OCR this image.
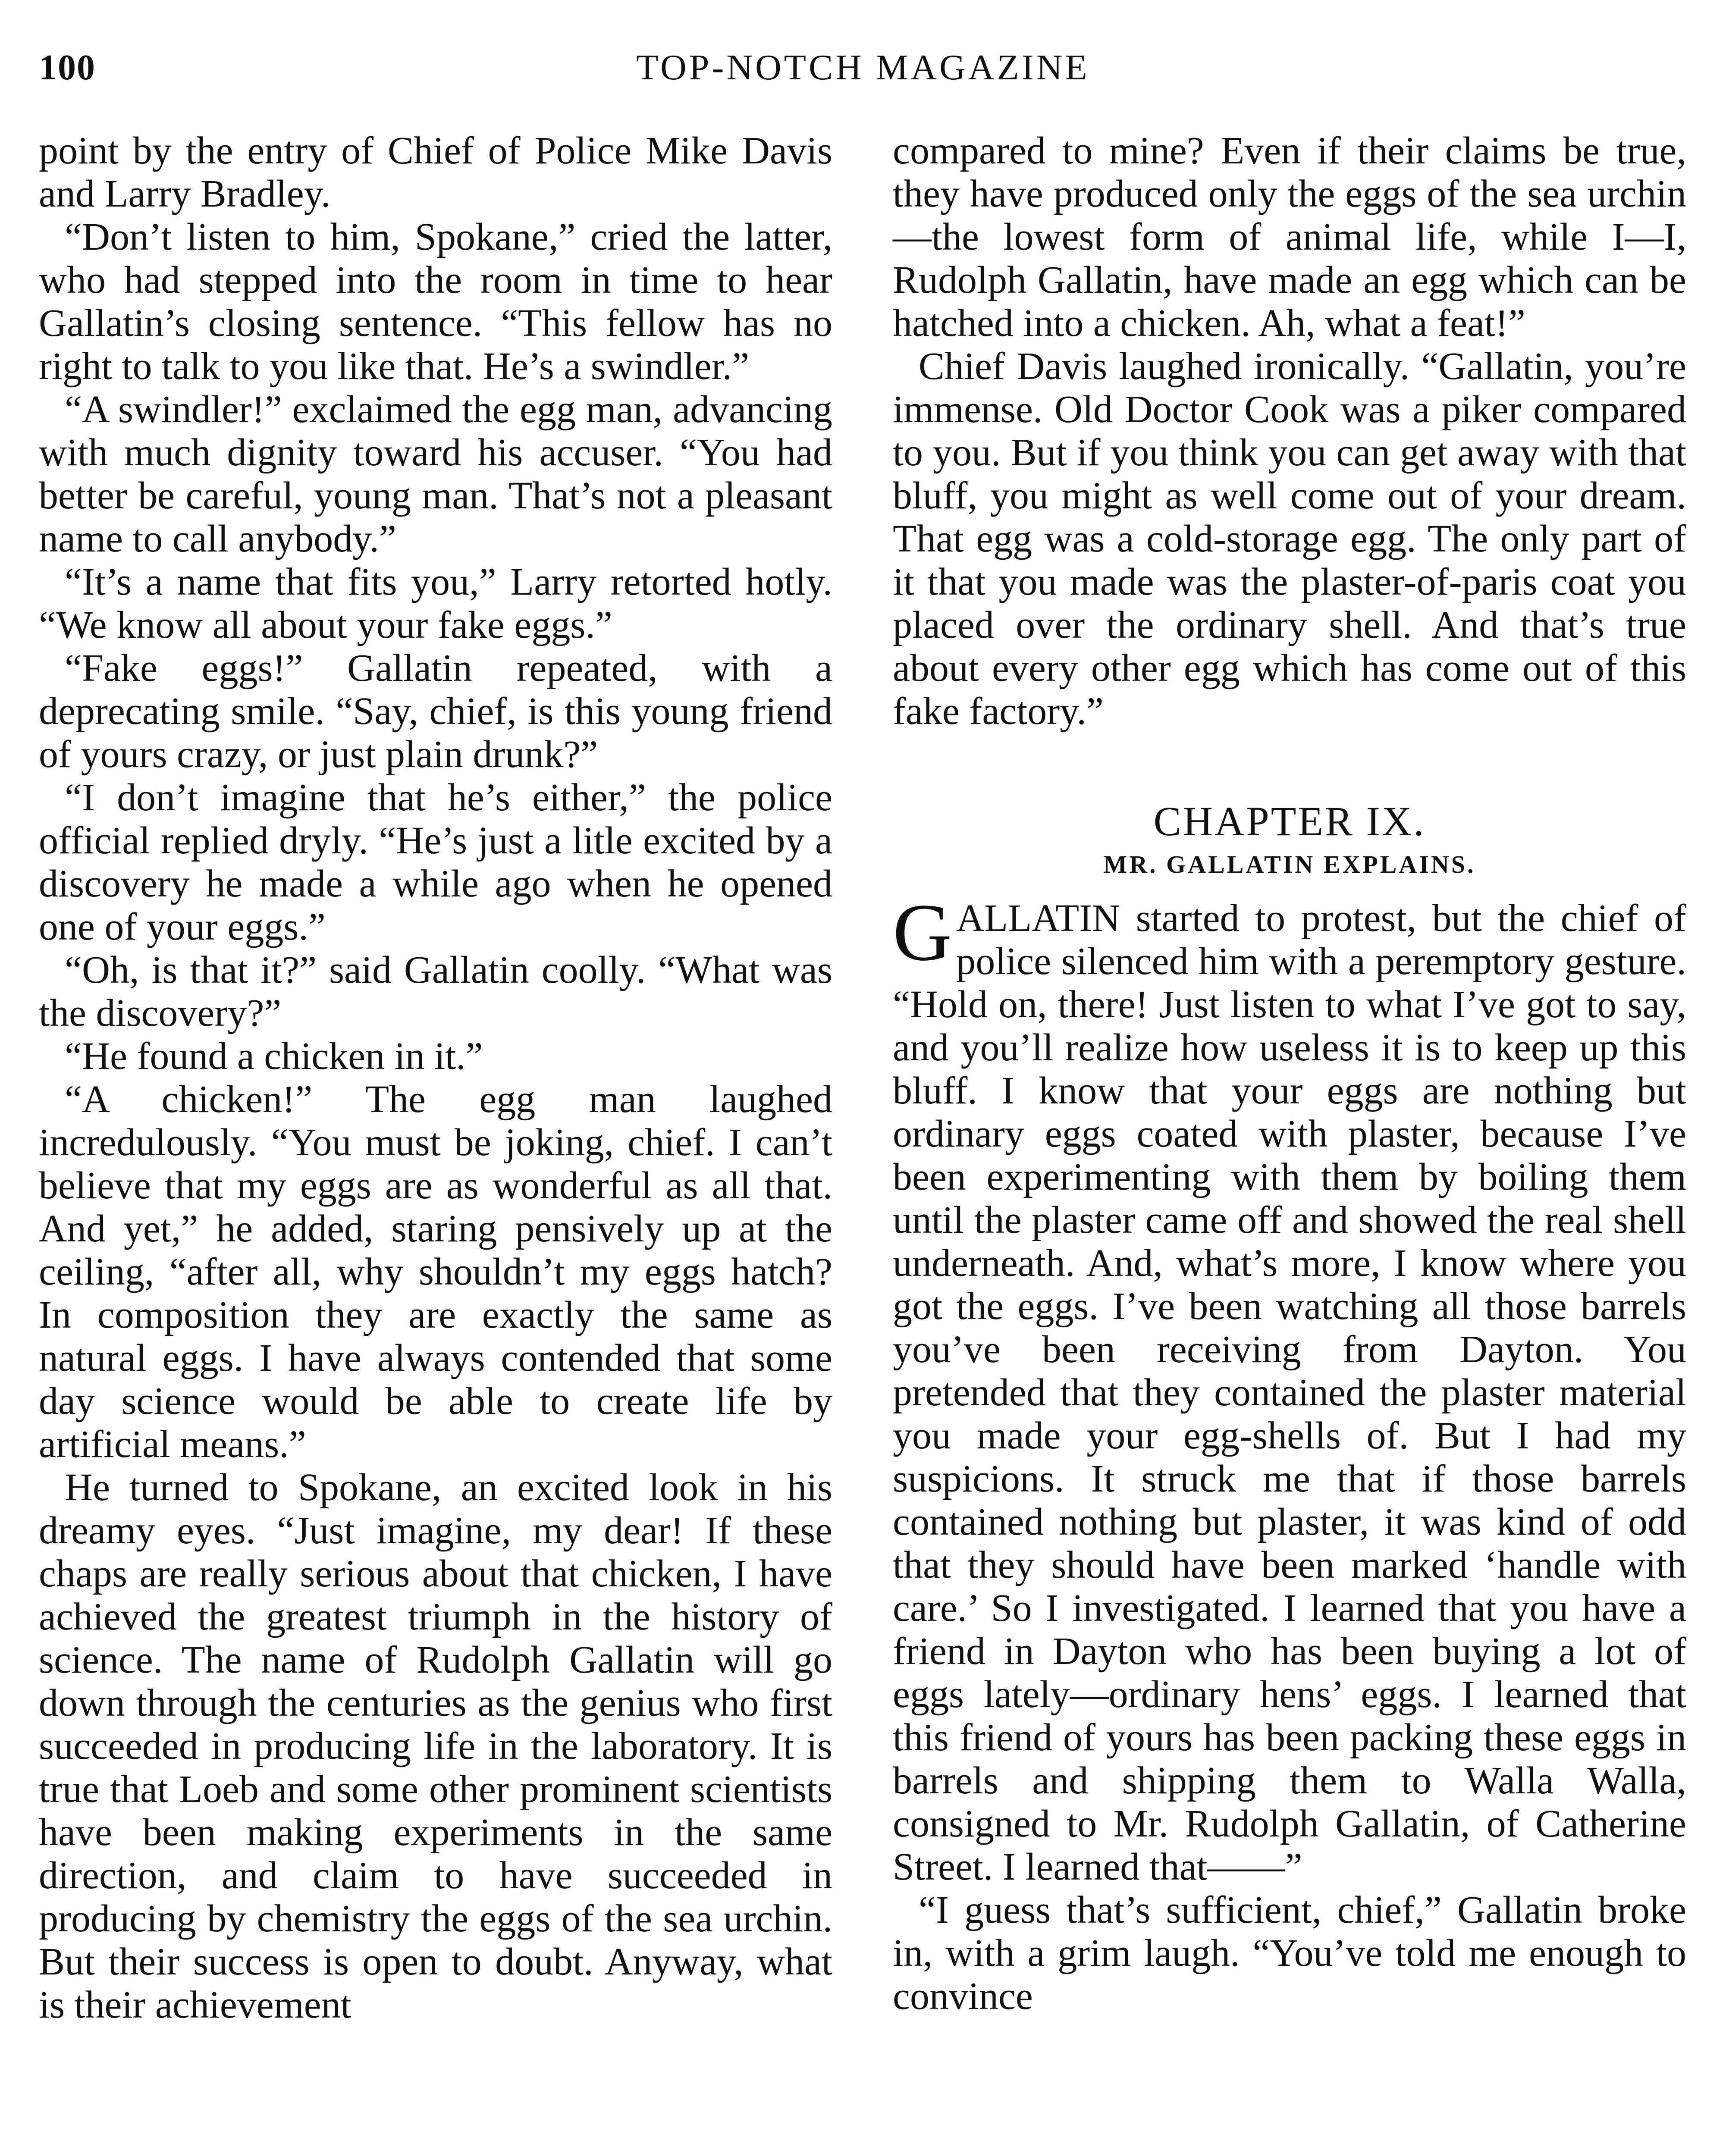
100	TOP-NOTCH MAGAZINE

point by the entry of Chief of Police Mike Davis and Larry Bradley.

“Don’t listen to him, Spokane,” cried the latter, who had stepped into the room in time to hear Gallatin’s closing sentence. “This fellow has no right to talk to you like that. He’s a swindler.”

“A swindler!” exclaimed the egg man, advancing with much dignity toward his accuser. “You had better be careful, young man. That’s not a pleasant name to call anybody.”

“It’s a name that fits you,” Larry retorted hotly. “We know all about your fake eggs.”

“Fake eggs!” Gallatin repeated, with a deprecating smile. “Say, chief, is this young friend of yours crazy, or just plain drunk?”

“I don’t imagine that he’s either,” the police official replied dryly. “He’s just a litle excited by a discovery he made a while ago when he opened one of your eggs.”

“Oh, is that it?” said Gallatin coolly. “What was the discovery?”

“He found a chicken in it.”

“A chicken!” The egg man laughed incredulously. “You must be joking, chief. I can’t believe that my eggs are as wonderful as all that. And yet,” he added, staring pensively up at the ceiling, “after all, why shouldn’t my eggs hatch? In composition they are exactly the same as natural eggs. I have always contended that some day science would be able to create life by artificial means.”

He turned to Spokane, an excited look in his dreamy eyes. “Just imagine, my dear! If these chaps are really serious about that chicken, I have achieved the greatest triumph in the history of science. The name of Rudolph Gallatin will go down through the centuries as the genius who first succeeded in producing life in the laboratory. It is true that Loeb and some other prominent scientists have been making experiments in the same direction, and claim to have succeeded in producing by chemistry the eggs of the sea urchin. But their success is open to doubt. Anyway, what is their achievement

compared to mine? Even if their claims be true, they have produced only the eggs of the sea urchin—the lowest form of animal life, while I—I, Rudolph Gallatin, have made an egg which can be hatched into a chicken. Ah, what a feat!”

Chief Davis laughed ironically. “Gallatin, you’re immense. Old Doctor Cook was a piker compared to you. But if you think you can get away with that bluff, you might as well come out of your dream. That egg was a cold-storage egg. The only part of it that you made was the plaster-of-paris coat you placed over the ordinary shell. And that’s true about every other egg which has come out of this fake factory.”

CHAPTER IX.
MR. GALLATIN EXPLAINS.

GALLATIN started to protest, but the chief of police silenced him with a peremptory gesture. “Hold on, there! Just listen to what I’ve got to say, and you’ll realize how useless it is to keep up this bluff. I know that your eggs are nothing but ordinary eggs coated with plaster, because I’ve been experimenting with them by boiling them until the plaster came off and showed the real shell underneath. And, what’s more, I know where you got the eggs. I’ve been watching all those barrels you’ve been receiving from Dayton. You pretended that they contained the plaster material you made your egg-shells of. But I had my suspicions. It struck me that if those barrels contained nothing but plaster, it was kind of odd that they should have been marked ‘handle with care.’ So I investigated. I learned that you have a friend in Dayton who has been buying a lot of eggs lately—ordinary hens’ eggs. I learned that this friend of yours has been packing these eggs in barrels and shipping them to Walla Walla, consigned to Mr. Rudolph Gallatin, of Catherine Street. I learned that——”

“I guess that’s sufficient, chief,” Gallatin broke in, with a grim laugh. “You’ve told me enough to convince
